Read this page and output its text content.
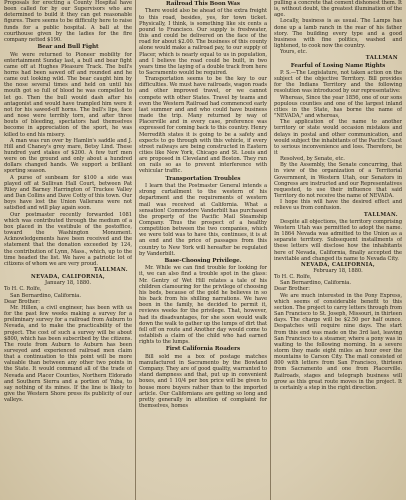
Proposals for erecting a County Hospital have been called for by our Supervisors who are determined to build it they can get reasonable figures. There seems to be difficulty here to raise funds for a public hospital. A ball at the courthouse given by the ladies for the fire company netted $190.

Bear and Bull Fight

We were returned to Pioneer mobility for entertainment Sunday last, a bull and bear fight came off at Hughes Pleasure Track. The bull's horns had been sawed off and rounded and he came out looking wild. The bear caught him by the nose several times and held on until his mouth got so full of blood he was compelled to let go. Then the bull would dash after his antagonist and would have trampled him were it not for his sawed-off horns. The bull's lips, face and nose were terribly torn, and after three bouts of bleeding, spectators had themselves become in appreciation of the sport, he was killed to end his misery.

A man was run over by Hamlin's saddle and J. Hill and Chaney's grey mare, Betsy Lind. These hundred yard stakes of $200. A few turf men were on the ground and only about a hundred dollars changed hands. We support a brilliant sporting season.

A purse of sunbeam for $100 a side was played off at Sullivan Hall Court, between Pat Riley and Barney Harrington of Truckee Valley and Dan Collins and Dave Cotty of this town. Our boys have lost the Union Vallerans were not satisfied and will play again soon.

Our postmaster recently forwarded 1081 which was contributed through the medium of a box placed in the vestibule of the postoffice, toward the Washington Monument. Acknowledgements have been received and the statement that the donation exceeded by 124, the contribution of Lynn, Mass., which, up to the time headed the list. We have a patriotic lot of citizens of whom we are very proud.

TALLMAN.

NEVADA, CALIFORNIA,

January 18, 1880.

To H. C. Rolfe,

San Bernardino, California.

Dear Brother:

Mr. Hillen, a civil engineer, has been with us for the past few weeks making a survey for a preliminary survey for a railroad from Auburn to Nevada, and to make the practicability of the project. The cost of such a survey will be about $800, which has been subscribed by the citizens. The route from Auburn to Auburn has been surveyed and experienced railroad men claim that a continuation to this point will be more valuable than between any other two points in the State. It would command all of the trade of Nevada and Placer Counties, Northern Eldorado and Southern Sierra and a portion of Yuba, to say nothing of its mines. If the line is likely to give the Western Shore press its publicity of our valleys.

Railroad This Boon Was

There would also be ahead of the extra freight to this road, besides, yes, for town ticket. Physically, I think, is something like six cents a pound to Francisco. Our supply is freshwater, this and could be delivered on the face of the road for about $2.00. The business of this county alone would make a railroad pay, to our supply of Placer, which is nearly equal to us in population, and I believe the road could be built, in two years time the laying of a double track from here to Sacramento would be required.

Transportation seems to be the key to our difficulties. We must have railroads, wagon roads and other improved travel, or we cannot compete with other States. Travel by teams and even the Western Railroad had commenced early last summer and and who could have business made the trip. Many returned by way of Placerville and in every case, preference was expressed for coming back to this country. Henry Merredith states it is going to be a safety and expects to go through with this vehicle, if every street railways are being constructed in Eastern cities like New York, Chicago and St. Louis and are proposed in Cleveland and Boston. They run on rails so as to prevent interference with vehicular traffic.

Transportation Troubles

I learn that the Postmaster General intends a strong curtailment to the western of his department and the requirements of western mail was received at California. What a sensation! Commodore Vanderbilt has purchased the property of the Pacific Mail Steamship Company. Thus the prospect of a healthy competition between the two companies, which we were told was to have this, continues, it is at an end and the price of passages from this country to New York will hereafter be regulated by Vanderbilt.

Base-Choosing Privilege.

Mr. While we can find trouble for looking for it, we can also find a trouble spot in the glass: Mr. Gentry of Wet Hill relates a tale of his children clamouring for the privilege of choosing his beds, because of the gold he believes in so his back from his shilling narrations. We have been in the family, he decided to permit it, reviews weeks for the privilege. That, however, had its disadvantages, for she soon would walk down the walk to gather up the lumps of dirt that fell off on route and Another day would come to establish a claim of the child who had earned rights to the lumps.

First California Roaders

Bill sold me a box of postage matches manufactured in Sacramento by the Bowland Company. They are of good quality, warranted to stand dampness and that, put up in convenient boxes, and 1 10/4 per box price will be given to house more buyers rather than to the imported article. Our Californians are getting so long and pretty generally in attention of complaint for themselves, homes

pulling a concrete that cement dishonest them. It is, without doubt, the greatest illumination of the age.

Locally, business is as usual. The Lamps has done up a lamb ranch in the rear of his father story. The building every type and a good business with fine politics, washed and lightened, to cook now the country.

Yours, etc.

TALLMAN

Fearful of Losing Name Rights

P. S.—The Legislature, not taken action on the subject of the objective Territory. Bill provides for the Indians Territory and the following resolution was introduced by our representative:

Whereas, Since the year 1856, one of our sons populous counties and one of the largest inland cities in the State, has borne the name of "NEVADA," and whereas,

The application of the name to another territory or state would occasion mistakes and delays in postal and other communication, and would subject the inhabitants of the Pacific Coast to serious inconvenience and loss. Therefore, be it

Resolved, by Senate, etc.

By the Assembly, the Senate concurring, that in view of the organization of a Territorial Government, in Western Utah, our Senators in Congress are instructed and our Representatives requested, to use their influence that said Territory do not receive the name of NEVADA.

I hope this will have the desired effect and relieve us from confusion.

TALLMAN.

Despite all objections, the territory comprising Western Utah was permitted to adopt the name. In 1864 Nevada was admitted to the Union as a separate territory. Subsequent installments of these letters will disclose how the inhabitants here of Nevada, California, finally accepted the inevitable and changed its name to Nevada City.

NEVADA, CALIFORNIA,

February 18, 1880.

To H. C. Rolfe,

San Bernardino, California.

Dear Brother:

We are much interested in the Pony Express, which seems of considerable benefit to this section. The project to carry letters through from San Francisco to St. Joseph, Missouri, in thirteen days. The charge will be $2.50 per half ounce. Despatches will require nine days. The start from this end was made on the 3rd last, leaving San Francisco to a steamer, where a pony was in waiting to the following morning. In a severe storm they made eight miles an hour over the mountains to Carson City. The mail consisted of 800 with letters from San Francisco, thirteen from Sacramento and one from Placerville. Railroads, stages and telegraph business will grow as this great route moves in the project. It is certainly a step in the right direction.
